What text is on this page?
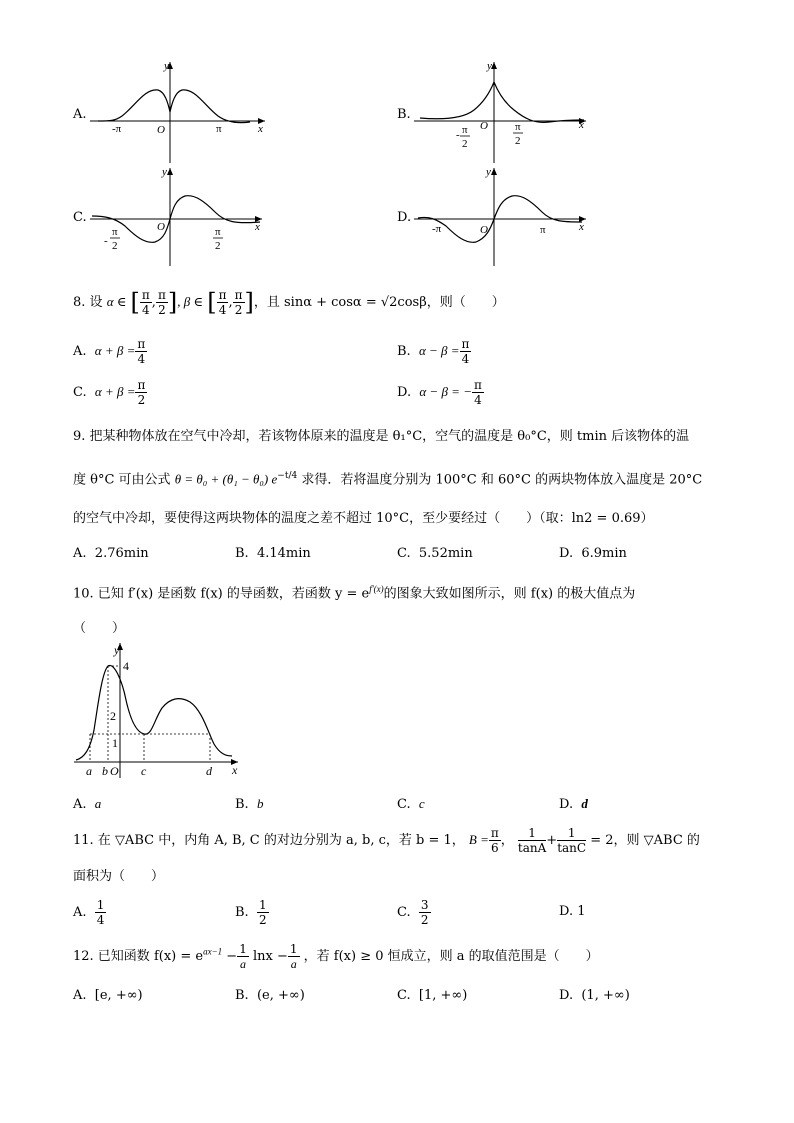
A.
y
x
-π	O	π
B.
y
x
- π
2
O π
2
C.
y
x
-
π
2
O	π
2
D.
y
x
-π	O	π
8. 设 α ∈ [ $\frac{\pi}{4}$ , $\frac{\pi}{2}$ ], β ∈ [ $\frac{\pi}{4}$ , $\frac{\pi}{2}$ ]，且 sinα + cosα = √2cosβ，则（　　）
A. $\alpha + \beta = \frac{\pi}{4}$	B. $\alpha - \beta = \frac{\pi}{4}$
C. $\alpha + \beta = \frac{\pi}{2}$	D. α − β = − $\frac{\pi}{4}$
9. 把某种物体放在空气中冷却，若该物体原来的温度是 θ₁°C，空气的温度是 θ₀°C，则 tmin 后该物体的温
度 θ°C 可由公式 θ = θ₀ + (θ₁ − θ₀) $e^{-t/4}$ 求得．若将温度分别为 100°C 和 60°C 的两块物体放入温度是 20°C
的空气中冷却，要使得这两块物体的温度之差不超过 10°C，至少要经过（　　）（取：ln2 = 0.69）
A. 2.76min	B. 4.14min	C. 5.52min	D. 6.9min
10. 已知 f′(x) 是函数 f(x) 的导函数，若函数 $y = e^{f'(x)}$的图象大致如图所示，则 f(x) 的极大值点为
（　　）
y
x
4
2
1
a b O c	d
A. a	B. b	C. c	D. d
11. 在 ▽ABC 中，内角 A, B, C 的对边分别为 a, b, c，若 b = 1， $B = \frac{\pi}{6}$ ， $\frac{1}{\tan A} + \frac{1}{\tan C} = 2$，则 ▽ABC 的
面积为（　　）
A. $\frac{1}{4}$	B. $\frac{1}{2}$	C. $\frac{3}{2}$	D. 1
12. 已知函数 $f(x) = e^{ax-1} - \frac{1}{a}$ $\ln x - \frac{1}{a}$ ，若 f(x) ≥ 0 恒成立，则 a 的取值范围是（　　）
A. [e, +∞)	B. (e, +∞)	C. [1, +∞)	D. (1, +∞)
